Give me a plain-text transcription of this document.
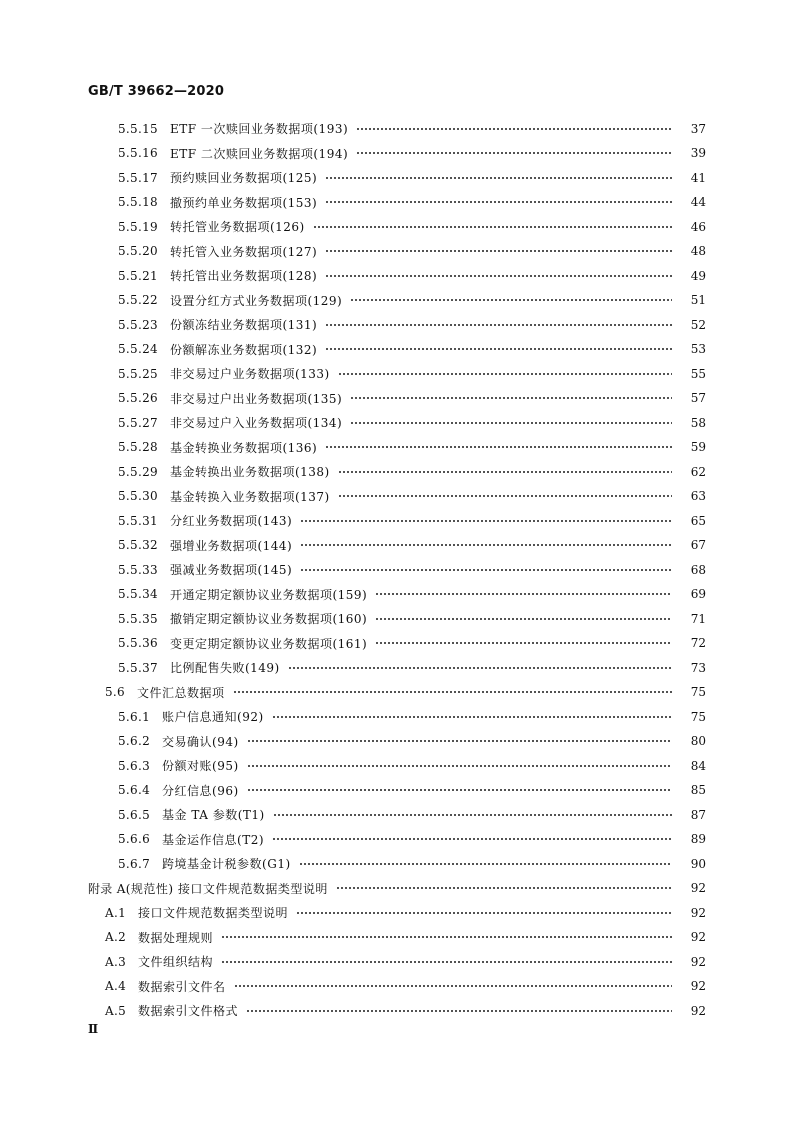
GB/T 39662—2020
5.5.15 ETF 一次赎回业务数据项(193)	37
5.5.16 ETF 二次赎回业务数据项(194)	39
5.5.17 预约赎回业务数据项(125)	41
5.5.18 撤预约单业务数据项(153)	44
5.5.19 转托管业务数据项(126)	46
5.5.20 转托管入业务数据项(127)	48
5.5.21 转托管出业务数据项(128)	49
5.5.22 设置分红方式业务数据项(129)	51
5.5.23 份额冻结业务数据项(131)	52
5.5.24 份额解冻业务数据项(132)	53
5.5.25 非交易过户业务数据项(133)	55
5.5.26 非交易过户出业务数据项(135)	57
5.5.27 非交易过户入业务数据项(134)	58
5.5.28 基金转换业务数据项(136)	59
5.5.29 基金转换出业务数据项(138)	62
5.5.30 基金转换入业务数据项(137)	63
5.5.31 分红业务数据项(143)	65
5.5.32 强增业务数据项(144)	67
5.5.33 强减业务数据项(145)	68
5.5.34 开通定期定额协议业务数据项(159)	69
5.5.35 撤销定期定额协议业务数据项(160)	71
5.5.36 变更定期定额协议业务数据项(161)	72
5.5.37 比例配售失败(149)	73
5.6 文件汇总数据项	75
5.6.1 账户信息通知(92)	75
5.6.2 交易确认(94)	80
5.6.3 份额对账(95)	84
5.6.4 分红信息(96)	85
5.6.5 基金 TA 参数(T1)	87
5.6.6 基金运作信息(T2)	89
5.6.7 跨境基金计税参数(G1)	90
附录 A (规范性) 接口文件规范数据类型说明	92
A.1 接口文件规范数据类型说明	92
A.2 数据处理规则	92
A.3 文件组织结构	92
A.4 数据索引文件名	92
A.5 数据索引文件格式	92
Ⅱ
